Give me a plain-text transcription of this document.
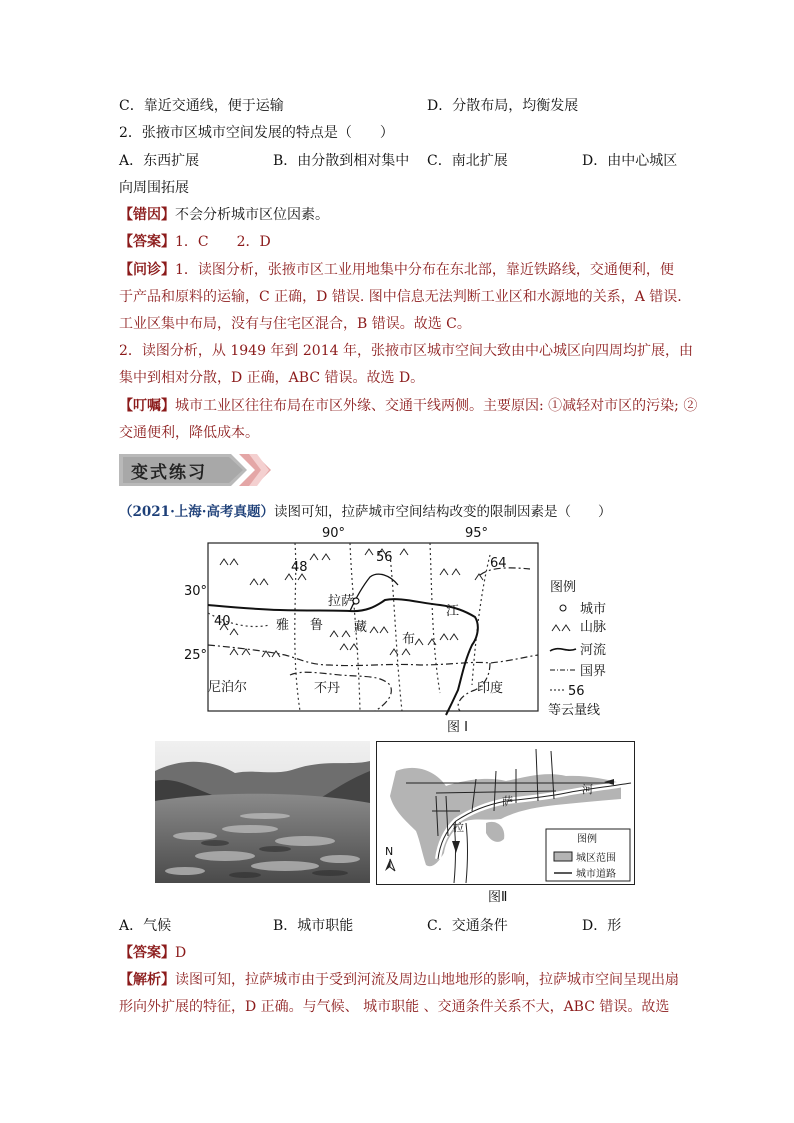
C．靠近交通线，便于运输	D．分散布局，均衡发展
2．张掖市区城市空间发展的特点是（　　）
A．东西扩展	B．由分散到相对集中 C．南北扩展	D．由中心城区
向周围拓展
【错因】不会分析城市区位因素。
【答案】1．C　　2．D
【问诊】1．读图分析，张掖市区工业用地集中分布在东北部，靠近铁路线，交通便利，便
于产品和原料的运输，C 正确，D 错误. 图中信息无法判断工业区和水源地的关系，A 错误.
工业区集中布局，没有与住宅区混合，B 错误。故选 C。
2．读图分析，从 1949 年到 2014 年，张掖市区城市空间大致由中心城区向四周均扩展，由
集中到相对分散，D 正确，ABC 错误。故选 D。
【叮嘱】城市工业区往往布局在市区外缘、交通干线两侧。主要原因: ①减轻对市区的污染; ②
交通便利，降低成本。
变式练习
（2021·上海·高考真题）读图可知，拉萨城市空间结构改变的限制因素是（　　）
90°	95°
30°
25°
48
56	64
40
拉萨
雅 鲁 藏
布
江
尼泊尔	不丹	印度
图例
城市
山脉
河流
国界
56
等云量线
图 I
萨
河
拉
N
图例
城区范围
城市道路
图Ⅱ
A．气候	B．城市职能	C．交通条件	D．形
【答案】D
【解析】读图可知，拉萨城市由于受到河流及周边山地地形的影响，拉萨城市空间呈现出扇
形向外扩展的特征，D 正确。与气候、 城市职能 、交通条件关系不大，ABC 错误。故选
